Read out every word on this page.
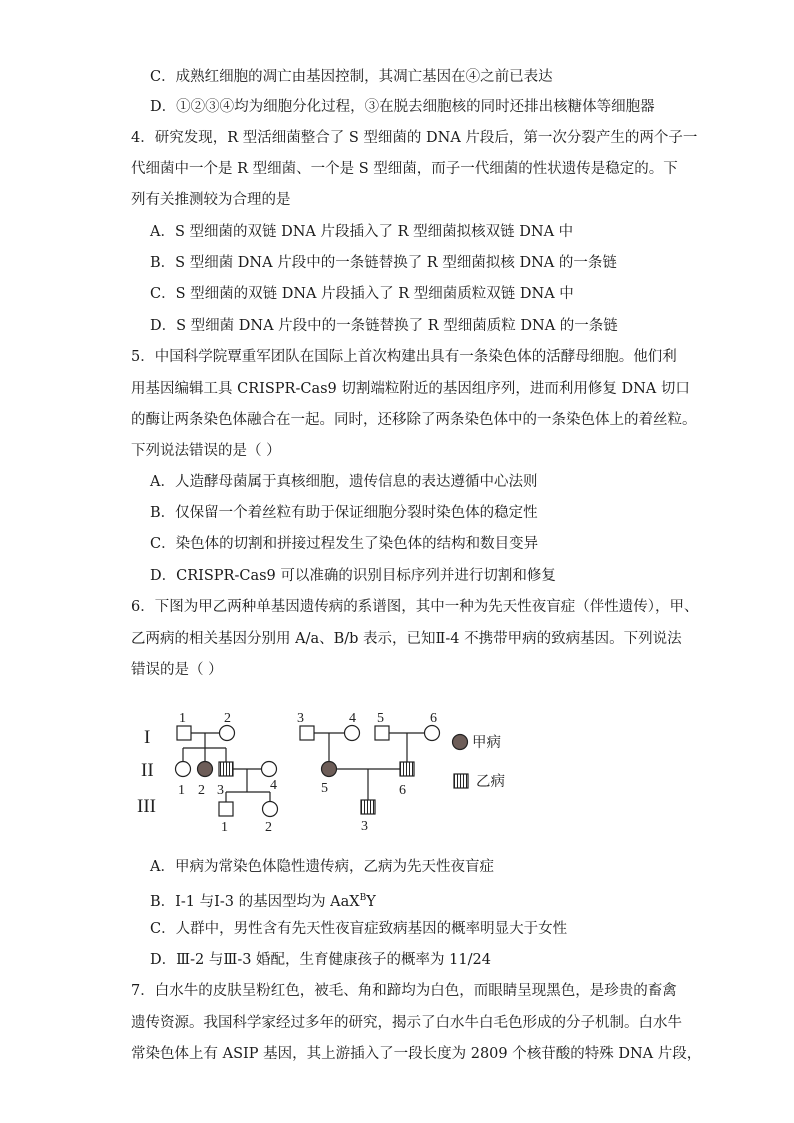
C．成熟红细胞的凋亡由基因控制，其凋亡基因在④之前已表达
D．①②③④均为细胞分化过程，③在脱去细胞核的同时还排出核糖体等细胞器
4．研究发现，R 型活细菌整合了 S 型细菌的 DNA 片段后，第一次分裂产生的两个子一
代细菌中一个是 R 型细菌、一个是 S 型细菌，而子一代细菌的性状遗传是稳定的。下
列有关推测较为合理的是
A．S 型细菌的双链 DNA 片段插入了 R 型细菌拟核双链 DNA 中
B．S 型细菌 DNA 片段中的一条链替换了 R 型细菌拟核 DNA 的一条链
C．S 型细菌的双链 DNA 片段插入了 R 型细菌质粒双链 DNA 中
D．S 型细菌 DNA 片段中的一条链替换了 R 型细菌质粒 DNA 的一条链
5．中国科学院覃重军团队在国际上首次构建出具有一条染色体的活酵母细胞。他们利
用基因编辑工具 CRISPR-Cas9 切割端粒附近的基因组序列，进而利用修复 DNA 切口
的酶让两条染色体融合在一起。同时，还移除了两条染色体中的一条染色体上的着丝粒。
下列说法错误的是（ ）
A．人造酵母菌属于真核细胞，遗传信息的表达遵循中心法则
B．仅保留一个着丝粒有助于保证细胞分裂时染色体的稳定性
C．染色体的切割和拼接过程发生了染色体的结构和数目变异
D．CRISPR-Cas9 可以准确的识别目标序列并进行切割和修复
6．下图为甲乙两种单基因遗传病的系谱图，其中一种为先天性夜盲症（伴性遗传），甲、
乙两病的相关基因分别用 A/a、B/b 表示，已知Ⅱ-4 不携带甲病的致病基因。下列说法
错误的是（ ）
I
II
III
1	2
1 2 3	4
1	2
3	4 5	6
5	6
3
甲病
乙病
A．甲病为常染色体隐性遗传病，乙病为先天性夜盲症
B．Ⅰ-1 与Ⅰ-3 的基因型均为 AaX$^B$Y
C．人群中，男性含有先天性夜盲症致病基因的概率明显大于女性
D．Ⅲ-2 与Ⅲ-3 婚配，生育健康孩子的概率为 11/24
7．白水牛的皮肤呈粉红色，被毛、角和蹄均为白色，而眼睛呈现黑色，是珍贵的畜禽
遗传资源。我国科学家经过多年的研究，揭示了白水牛白毛色形成的分子机制。白水牛
常染色体上有 ASIP 基因，其上游插入了一段长度为 2809 个核苷酸的特殊 DNA 片段，
